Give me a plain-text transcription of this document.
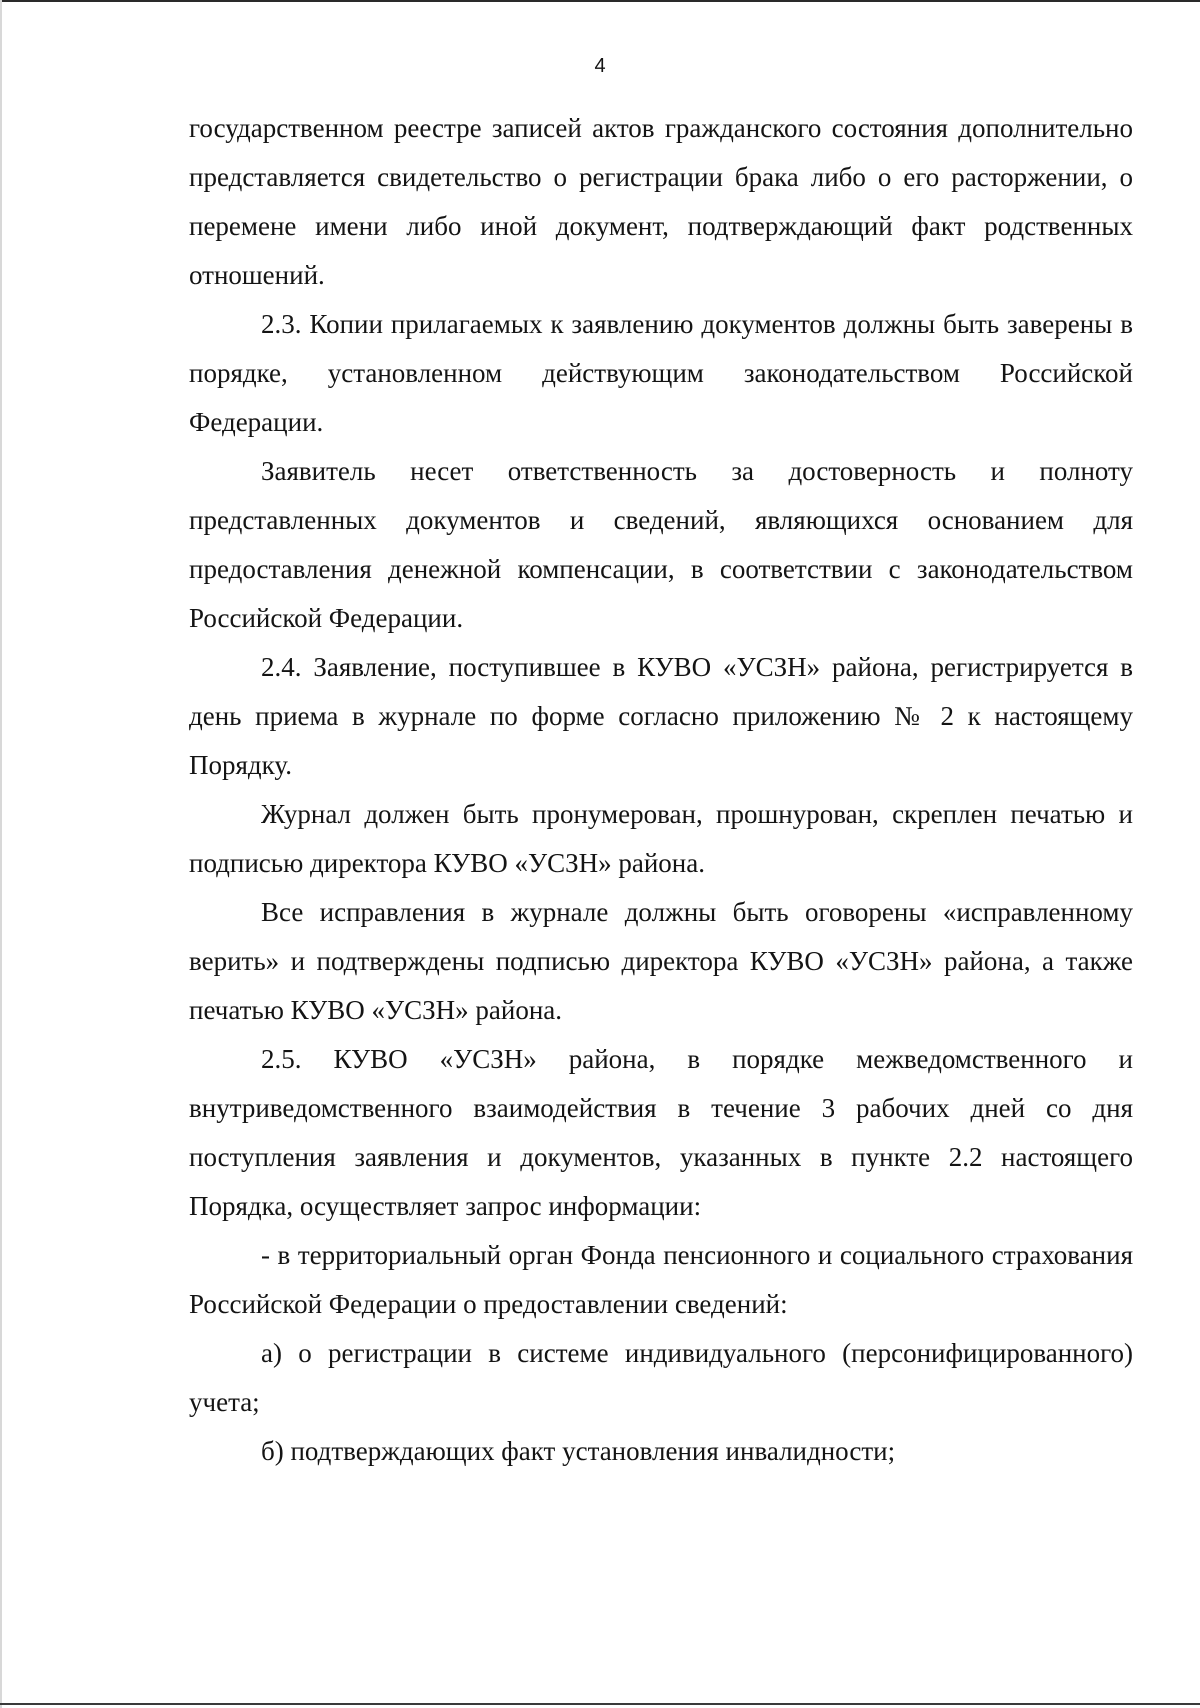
4

государственном реестре записей актов гражданского состояния дополнительно представляется свидетельство о регистрации брака либо о его расторжении, о перемене имени либо иной документ, подтверждающий факт родственных отношений.

2.3. Копии прилагаемых к заявлению документов должны быть заверены в порядке, установленном действующим законодательством Российской Федерации.

Заявитель несет ответственность за достоверность и полноту представленных документов и сведений, являющихся основанием для предоставления денежной компенсации, в соответствии с законодательством Российской Федерации.

2.4. Заявление, поступившее в КУВО «УСЗН» района, регистрируется в день приема в журнале по форме согласно приложению № 2 к настоящему Порядку.

Журнал должен быть пронумерован, прошнурован, скреплен печатью и подписью директора КУВО «УСЗН» района.

Все исправления в журнале должны быть оговорены «исправленному верить» и подтверждены подписью директора КУВО «УСЗН» района, а также печатью КУВО «УСЗН» района.

2.5. КУВО «УСЗН» района, в порядке межведомственного и внутриведомственного взаимодействия в течение 3 рабочих дней со дня поступления заявления и документов, указанных в пункте 2.2 настоящего Порядка, осуществляет запрос информации:

- в территориальный орган Фонда пенсионного и социального страхования Российской Федерации о предоставлении сведений:

а) о регистрации в системе индивидуального (персонифицированного) учета;

б) подтверждающих факт установления инвалидности;
